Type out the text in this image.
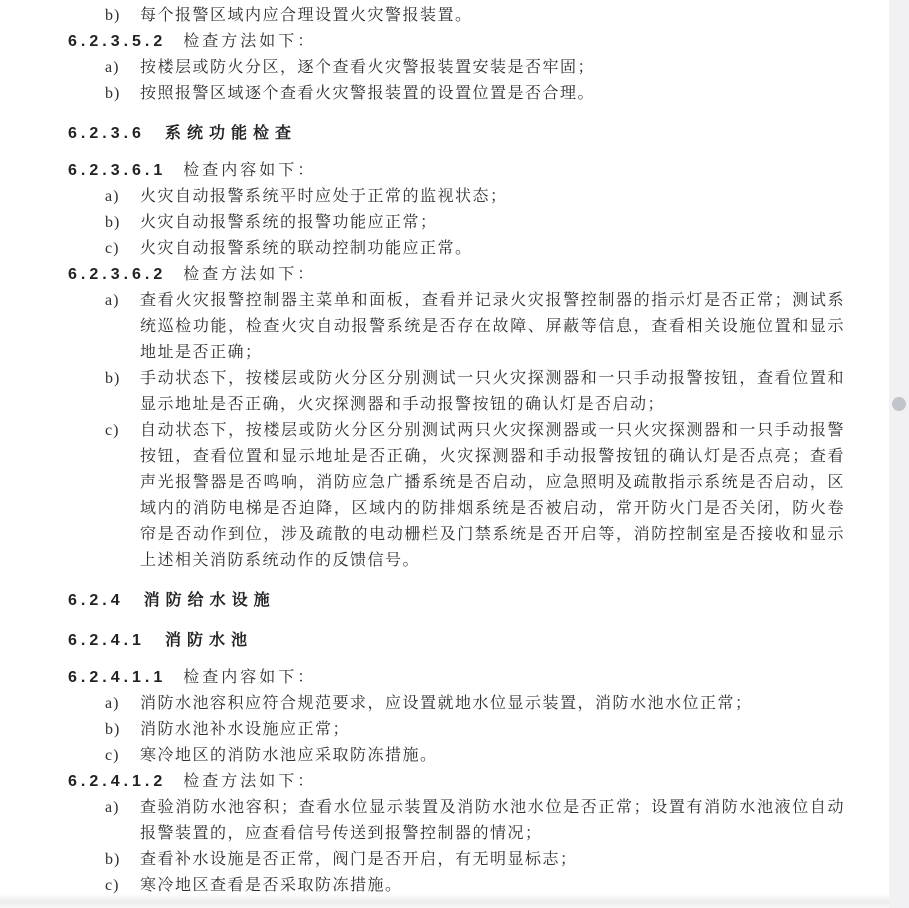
b)	每个报警区域内应合理设置火灾警报装置。
6.2.3.5.2 检查方法如下：
a)	按楼层或防火分区，逐个查看火灾警报装置安装是否牢固；
b)	按照报警区域逐个查看火灾警报装置的设置位置是否合理。
6.2.3.6 系统功能检查
6.2.3.6.1 检查内容如下：
a)	火灾自动报警系统平时应处于正常的监视状态；
b)	火灾自动报警系统的报警功能应正常；
c)	火灾自动报警系统的联动控制功能应正常。
6.2.3.6.2 检查方法如下：
a)	查看火灾报警控制器主菜单和面板，查看并记录火灾报警控制器的指示灯是否正常；测试系统巡检功能，检查火灾自动报警系统是否存在故障、屏蔽等信息，查看相关设施位置和显示地址是否正确；
b)	手动状态下，按楼层或防火分区分别测试一只火灾探测器和一只手动报警按钮，查看位置和显示地址是否正确，火灾探测器和手动报警按钮的确认灯是否启动；
c)	自动状态下，按楼层或防火分区分别测试两只火灾探测器或一只火灾探测器和一只手动报警按钮，查看位置和显示地址是否正确，火灾探测器和手动报警按钮的确认灯是否点亮；查看声光报警器是否鸣响，消防应急广播系统是否启动，应急照明及疏散指示系统是否启动，区域内的消防电梯是否迫降，区域内的防排烟系统是否被启动，常开防火门是否关闭，防火卷帘是否动作到位，涉及疏散的电动栅栏及门禁系统是否开启等，消防控制室是否接收和显示上述相关消防系统动作的反馈信号。
6.2.4 消防给水设施
6.2.4.1 消防水池
6.2.4.1.1 检查内容如下：
a)	消防水池容积应符合规范要求，应设置就地水位显示装置，消防水池水位正常；
b)	消防水池补水设施应正常；
c)	寒冷地区的消防水池应采取防冻措施。
6.2.4.1.2 检查方法如下：
a)	查验消防水池容积；查看水位显示装置及消防水池水位是否正常；设置有消防水池液位自动报警装置的，应查看信号传送到报警控制器的情况；
b)	查看补水设施是否正常，阀门是否开启，有无明显标志；
c)	寒冷地区查看是否采取防冻措施。
